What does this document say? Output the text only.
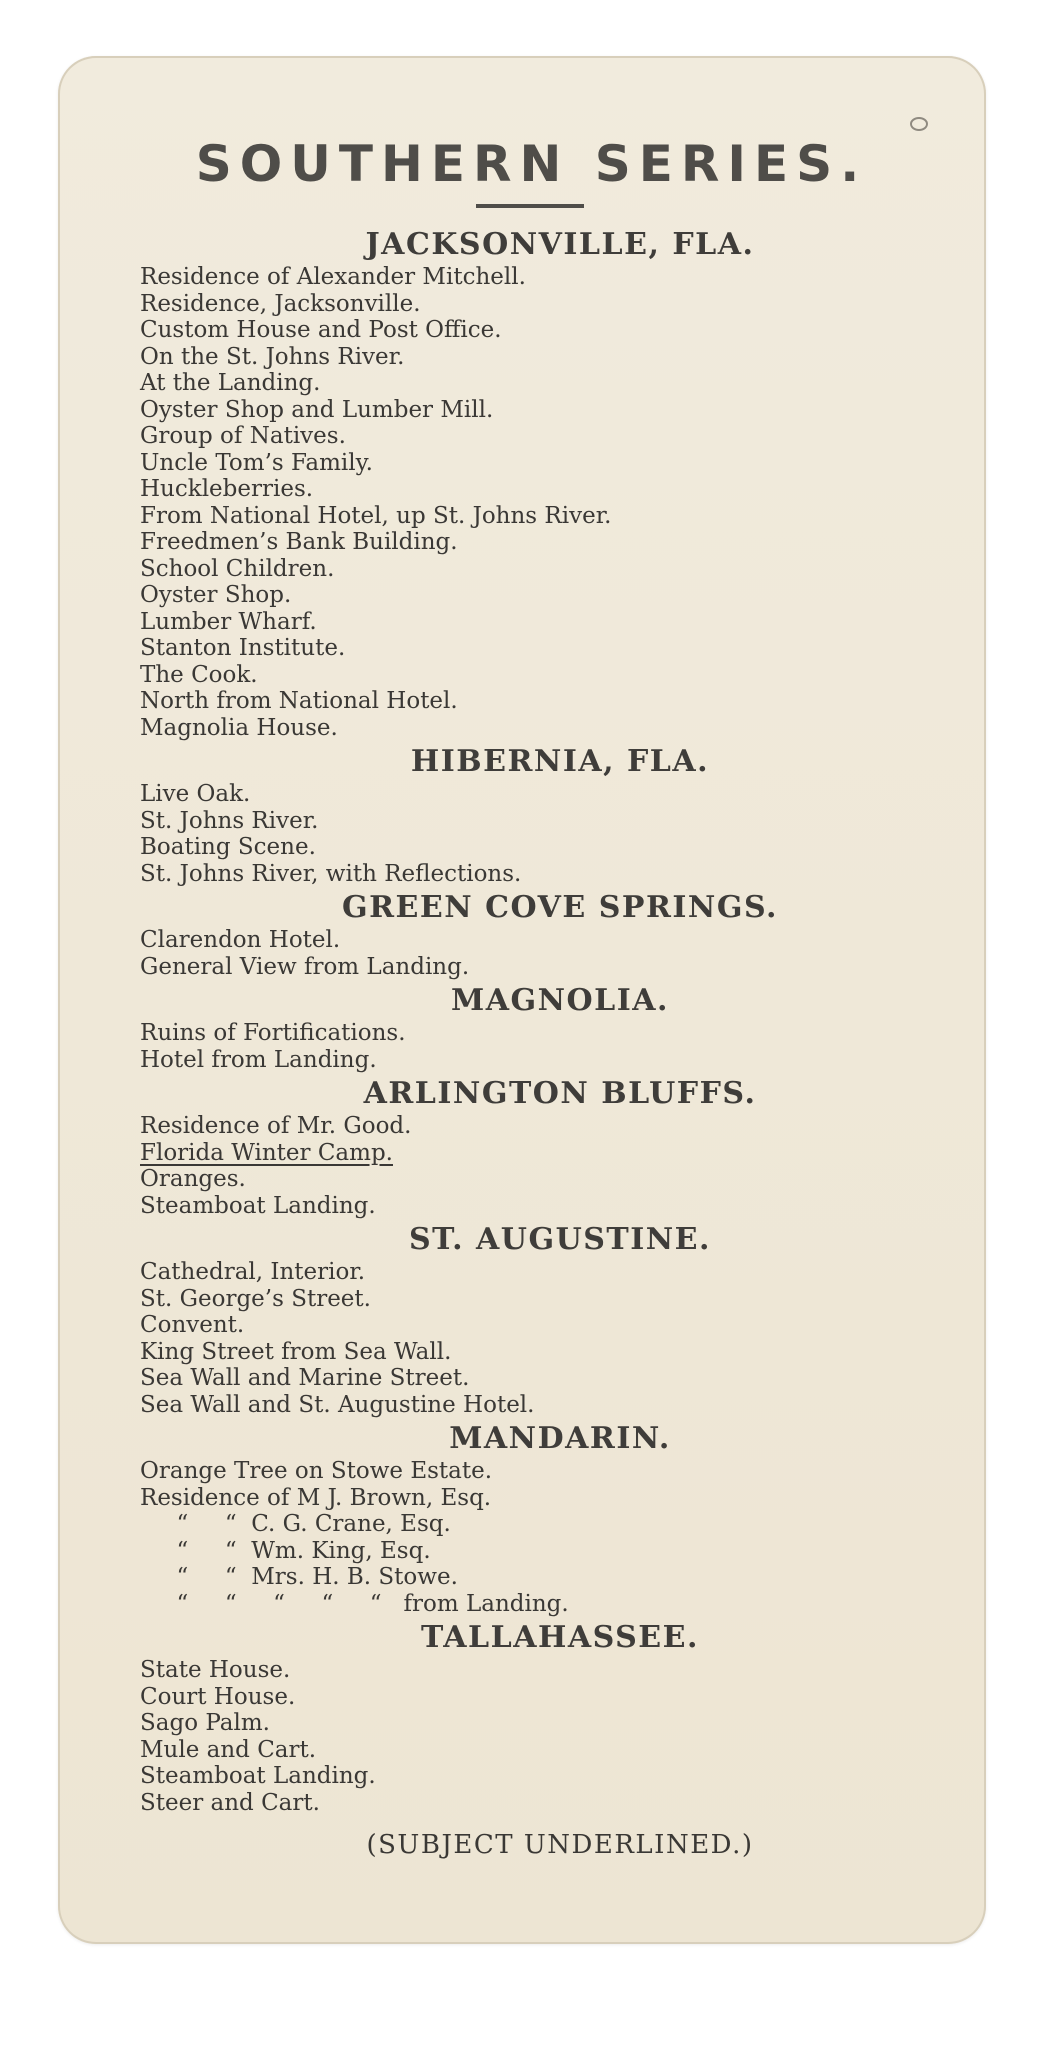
SOUTHERN SERIES.
JACKSONVILLE, FLA.
Residence of Alexander Mitchell.
Residence, Jacksonville.
Custom House and Post Office.
On the St. Johns River.
At the Landing.
Oyster Shop and Lumber Mill.
Group of Natives.
Uncle Tom’s Family.
Huckleberries.
From National Hotel, up St. Johns River.
Freedmen’s Bank Building.
School Children.
Oyster Shop.
Lumber Wharf.
Stanton Institute.
The Cook.
North from National Hotel.
Magnolia House.
HIBERNIA, FLA.
Live Oak.
St. Johns River.
Boating Scene.
St. Johns River, with Reflections.
GREEN COVE SPRINGS.
Clarendon Hotel.
General View from Landing.
MAGNOLIA.
Ruins of Fortifications.
Hotel from Landing.
ARLINGTON BLUFFS.
Residence of Mr. Good.
Florida Winter Camp.
Oranges.
Steamboat Landing.
ST. AUGUSTINE.
Cathedral, Interior.
St. George’s Street.
Convent.
King Street from Sea Wall.
Sea Wall and Marine Street.
Sea Wall and St. Augustine Hotel.
MANDARIN.
Orange Tree on Stowe Estate.
Residence of M J. Brown, Esq.
“     “  C. G. Crane, Esq.
“     “  Wm. King, Esq.
“     “  Mrs. H. B. Stowe.
“     “     “     “     “   from Landing.
TALLAHASSEE.
State House.
Court House.
Sago Palm.
Mule and Cart.
Steamboat Landing.
Steer and Cart.
(SUBJECT UNDERLINED.)
